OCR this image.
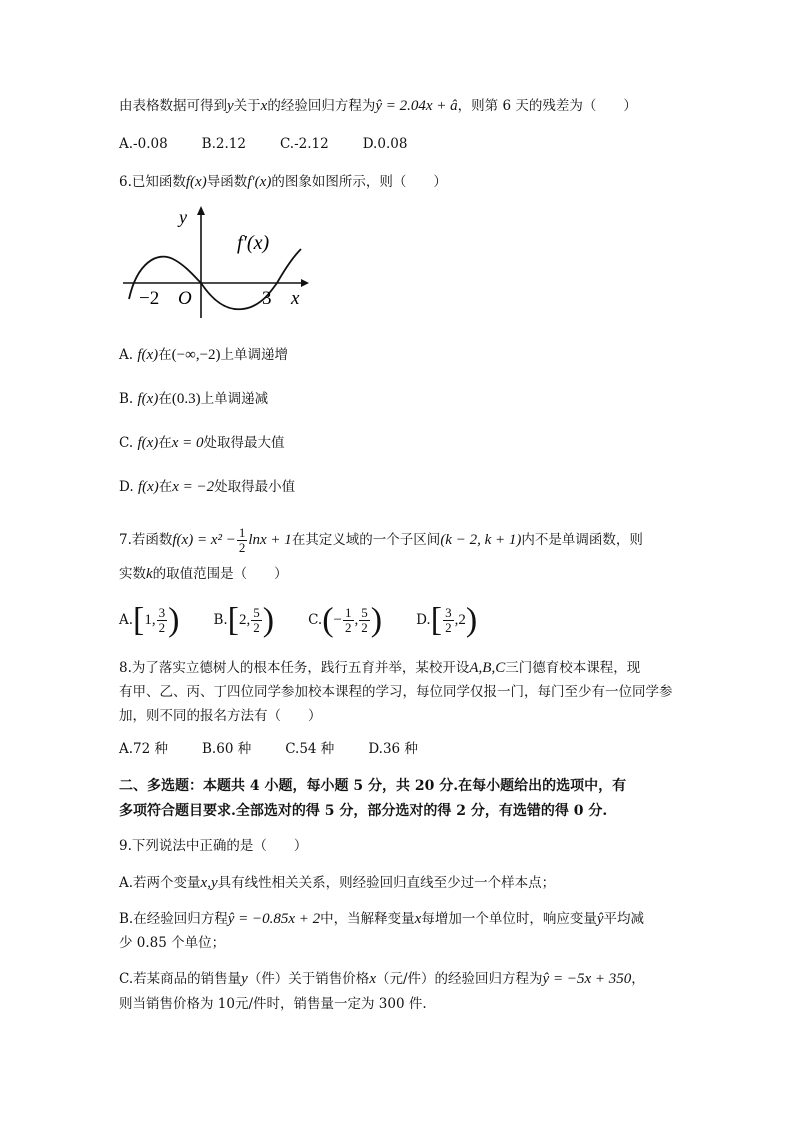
由表格数据可得到y关于x的经验回归方程为ŷ = 2.04x + â，则第 6 天的残差为（　　）
A.-0.08	B.2.12	C.-2.12	D.0.08
6.已知函数f(x)导函数f′(x)的图象如图所示，则（　　）
y
f′(x)
−2 O	3 x
A. f(x)在(−∞,−2)上单调递增
B. f(x)在(0.3)上单调递减
C. f(x)在x = 0处取得最大值
D. f(x)在x = −2处取得最小值
7.若函数$f(x) = x^2 - \frac{1}{2}$ lnx + 1在其定义域的一个子区间(k − 2, k + 1)内不是单调函数，则
实数k的取值范围是（　　）
A.[1, $\frac{3}{2}$ )	B.[2, $\frac{5}{2}$ )	$C.(- \frac{1}{2}$ , $\frac{5}{2}$ )	$D.[ \frac{3}{2} ,2)$
8.为了落实立德树人的根本任务，践行五育并举，某校开设A,B,C三门德育校本课程，现
有甲、乙、丙、丁四位同学参加校本课程的学习，每位同学仅报一门，每门至少有一位同学参
加，则不同的报名方法有（　　）
A.72 种	B.60 种	C.54 种	D.36 种
二、多选题：本题共 4 小题，每小题 5 分，共 20 分.在每小题给出的选项中，有
多项符合题目要求.全部选对的得 5 分，部分选对的得 2 分，有选错的得 0 分.
9.下列说法中正确的是（　　）
A.若两个变量x,y具有线性相关关系，则经验回归直线至少过一个样本点；
B.在经验回归方程ŷ = −0.85x + 2中，当解释变量x每增加一个单位时，响应变量ŷ平均减
少 0.85 个单位；
C.若某商品的销售量y（件）关于销售价格x（元/件）的经验回归方程为ŷ = −5x + 350，
则当销售价格为 10元/件时，销售量一定为 300 件.
